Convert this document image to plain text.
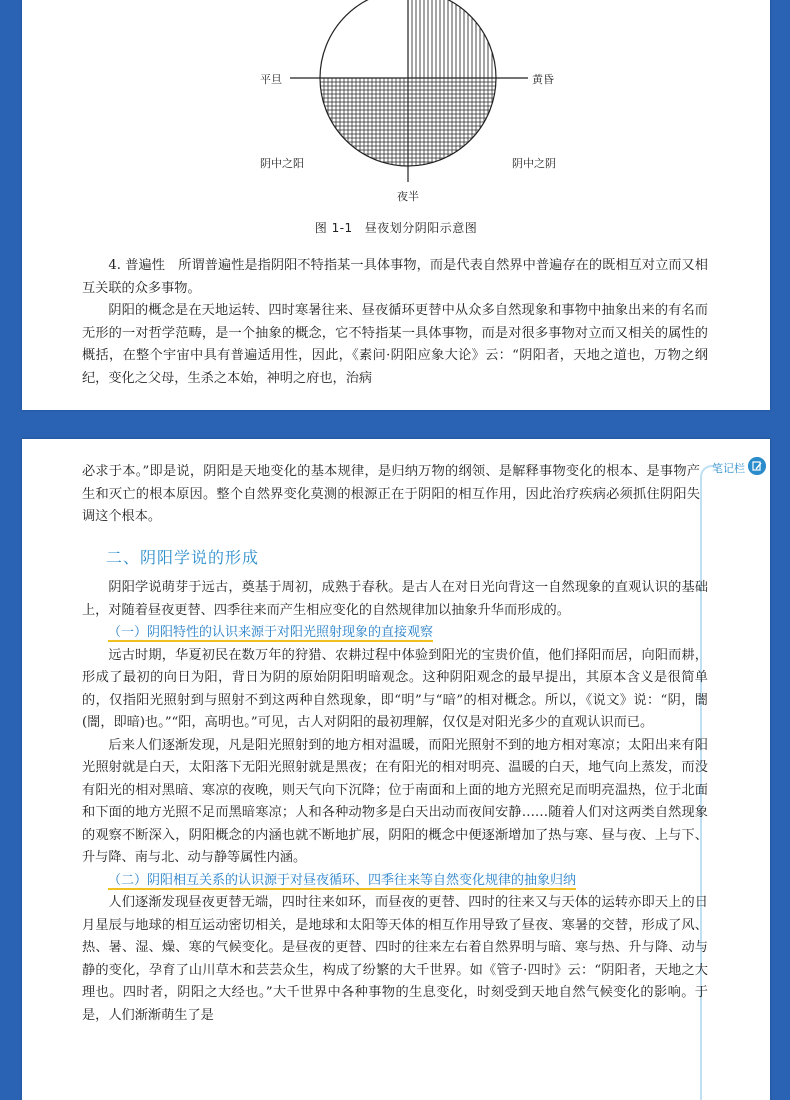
平旦	黄昏
阴中之阳	阴中之阴
夜半
图 1-1 昼夜划分阴阳示意图

4. 普遍性　所谓普遍性是指阴阳不特指某一具体事物，而是代表自然界中普遍存在的既相互对立而又相互关联的众多事物。

阴阳的概念是在天地运转、四时寒暑往来、昼夜循环更替中从众多自然现象和事物中抽象出来的有名而无形的一对哲学范畴，是一个抽象的概念，它不特指某一具体事物，而是对很多事物对立而又相关的属性的概括，在整个宇宙中具有普遍适用性，因此，《素问·阴阳应象大论》云：“阴阳者，天地之道也，万物之纲纪，变化之父母，生杀之本始，神明之府也，治病

笔记栏

必求于本。”即是说，阴阳是天地变化的基本规律，是归纳万物的纲领、是解释事物变化的根本、是事物产生和灭亡的根本原因。整个自然界变化莫测的根源正在于阴阳的相互作用，因此治疗疾病必须抓住阴阳失调这个根本。

二、阴阳学说的形成

阴阳学说萌芽于远古，奠基于周初，成熟于春秋。是古人在对日光向背这一自然现象的直观认识的基础上，对随着昼夜更替、四季往来而产生相应变化的自然规律加以抽象升华而形成的。

（一）阴阳特性的认识来源于对阳光照射现象的直接观察

远古时期，华夏初民在数万年的狩猎、农耕过程中体验到阳光的宝贵价值，他们择阳而居，向阳而耕，形成了最初的向日为阳，背日为阴的原始阴阳明暗观念。这种阴阳观念的最早提出，其原本含义是很简单的，仅指阳光照射到与照射不到这两种自然现象，即“明”与“暗”的相对概念。所以，《说文》说：“阴，闇(闇，即暗)也。”“阳，高明也。”可见，古人对阴阳的最初理解，仅仅是对阳光多少的直观认识而已。

后来人们逐渐发现，凡是阳光照射到的地方相对温暖，而阳光照射不到的地方相对寒凉；太阳出来有阳光照射就是白天，太阳落下无阳光照射就是黑夜；在有阳光的相对明亮、温暖的白天，地气向上蒸发，而没有阳光的相对黑暗、寒凉的夜晚，则天气向下沉降；位于南面和上面的地方光照充足而明亮温热，位于北面和下面的地方光照不足而黑暗寒凉；人和各种动物多是白天出动而夜间安静……随着人们对这两类自然现象的观察不断深入，阴阳概念的内涵也就不断地扩展，阴阳的概念中便逐渐增加了热与寒、昼与夜、上与下、升与降、南与北、动与静等属性内涵。

（二）阴阳相互关系的认识源于对昼夜循环、四季往来等自然变化规律的抽象归纳

人们逐渐发现昼夜更替无端，四时往来如环，而昼夜的更替、四时的往来又与天体的运转亦即天上的日月星辰与地球的相互运动密切相关，是地球和太阳等天体的相互作用导致了昼夜、寒暑的交替，形成了风、热、暑、湿、燥、寒的气候变化。是昼夜的更替、四时的往来左右着自然界明与暗、寒与热、升与降、动与静的变化，孕育了山川草木和芸芸众生，构成了纷繁的大千世界。如《管子·四时》云：“阴阳者，天地之大理也。四时者，阴阳之大经也。”大千世界中各种事物的生息变化，时刻受到天地自然气候变化的影响。于是，人们渐渐萌生了是
